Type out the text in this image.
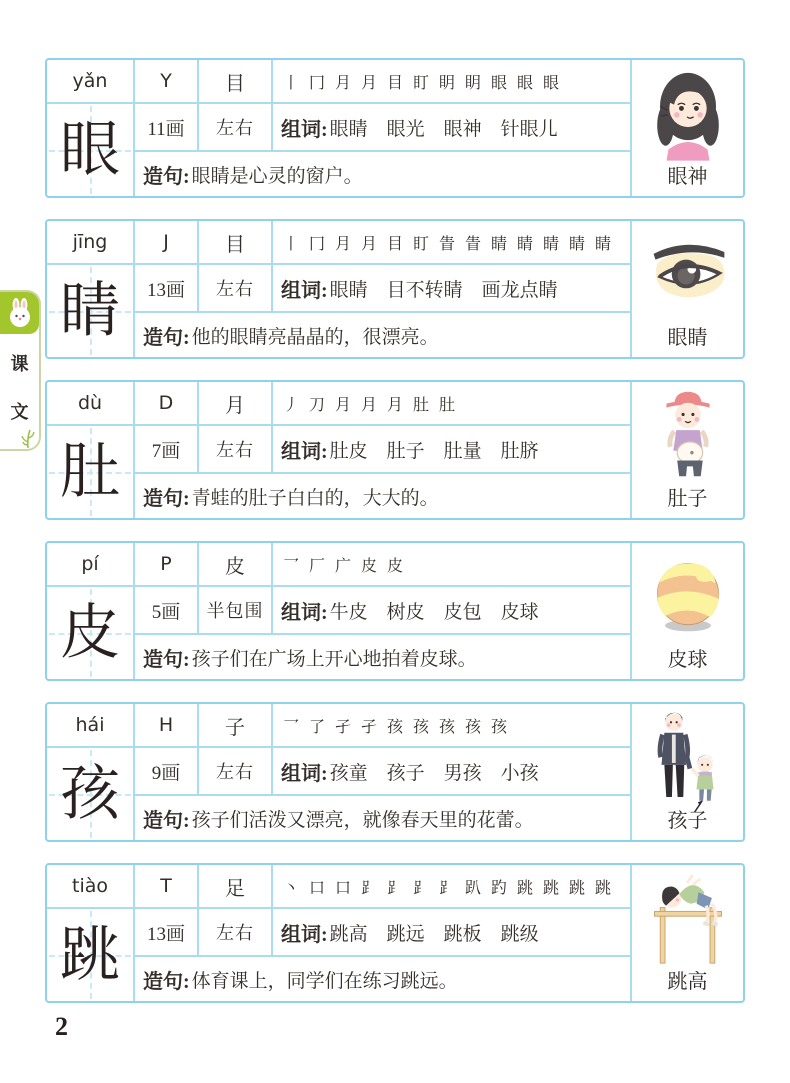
课
文
yǎn	Y	目	丨 冂 月 月 目 盯 眀 眀 眼 眼 眼
眼	11画	左右	组词: 眼睛　眼光　眼神　针眼儿
造句: 眼睛是心灵的窗户。	眼神
jīng	J	目	丨 冂 月 月 目 盯 眚 眚 睛 睛 睛 睛 睛
睛	13画	左右	组词: 眼睛　目不转睛　画龙点睛
造句: 他的眼睛亮晶晶的，很漂亮。	眼睛
dù	D	月	丿 刀 月 月 月 肚 肚
肚	7画	左右	组词: 肚皮　肚子　肚量　肚脐
造句: 青蛙的肚子白白的，大大的。	肚子
pí	P	皮	乛 厂 广 皮 皮
皮	5画	半包围 组词: 牛皮　树皮　皮包　皮球
造句: 孩子们在广场上开心地拍着皮球。	皮球
hái	H	子	乛 了 孑 孑 孩 孩 孩 孩 孩
孩	9画	左右	组词: 孩童　孩子　男孩　小孩
造句: 孩子们活泼又漂亮，就像春天里的花蕾。	孩子
tiào	T	足	丶 口 口 ⻊ ⻊ ⻊ ⻊ 趴 趵 跳 跳 跳 跳
跳	13画	左右	组词: 跳高　跳远　跳板　跳级
造句: 体育课上，同学们在练习跳远。	跳高
2
